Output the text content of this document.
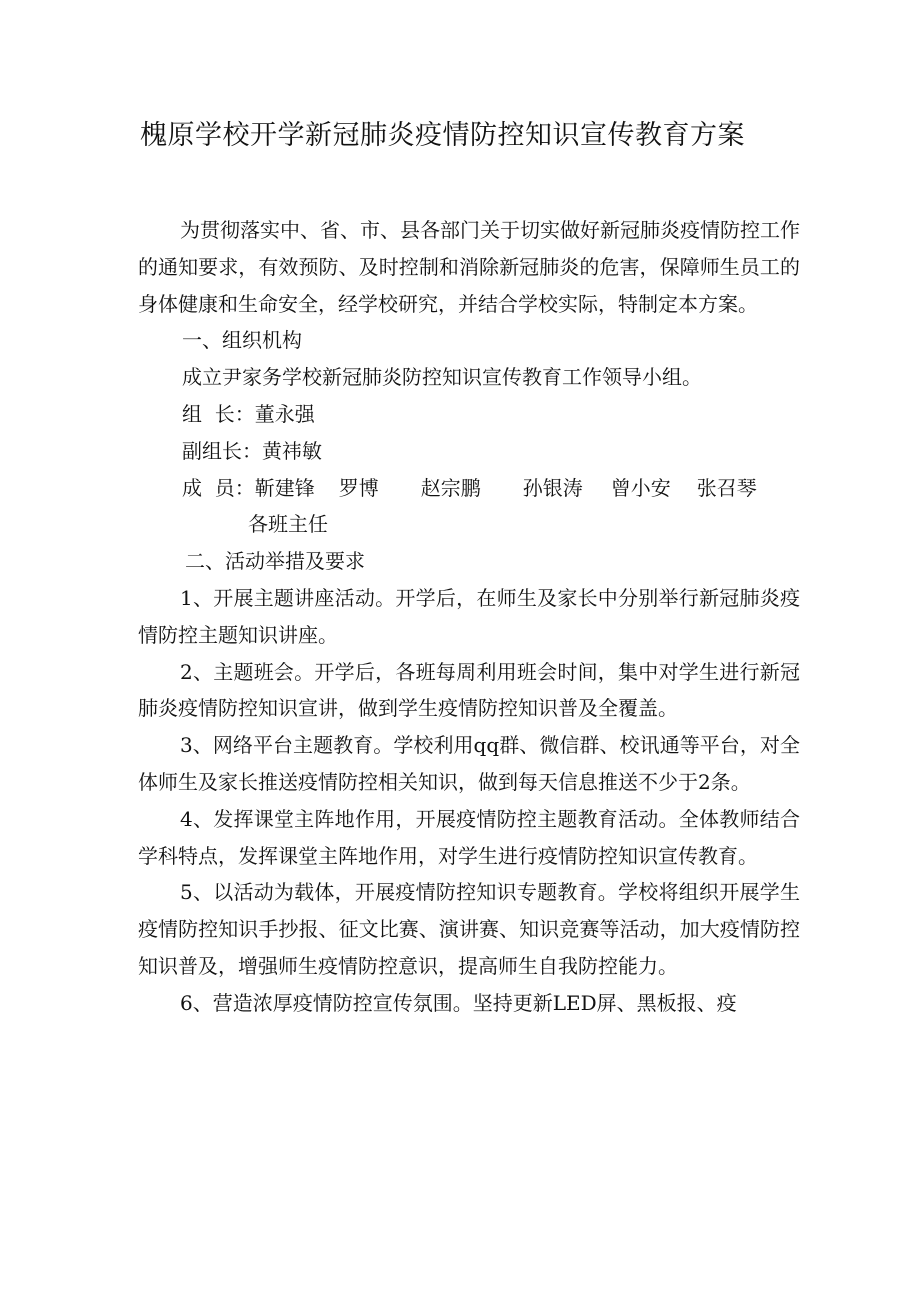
槐原学校开学新冠肺炎疫情防控知识宣传教育方案

为贯彻落实中、省、市、县各部门关于切实做好新冠肺炎疫情防控工作的通知要求，有效预防、及时控制和消除新冠肺炎的危害，保障师生员工的身体健康和生命安全，经学校研究，并结合学校实际，特制定本方案。

一、组织机构

成立尹家务学校新冠肺炎防控知识宣传教育工作领导小组。

组  长：董永强

副组长：黄祎敏

成  员：靳建锋 罗博 赵宗鹏 孙银涛 曾小安 张召琴

各班主任

二、活动举措及要求

1、开展主题讲座活动。开学后，在师生及家长中分别举行新冠肺炎疫情防控主题知识讲座。

2、主题班会。开学后，各班每周利用班会时间，集中对学生进行新冠肺炎疫情防控知识宣讲，做到学生疫情防控知识普及全覆盖。

3、网络平台主题教育。学校利用qq群、微信群、校讯通等平台，对全体师生及家长推送疫情防控相关知识，做到每天信息推送不少于2条。

4、发挥课堂主阵地作用，开展疫情防控主题教育活动。全体教师结合学科特点，发挥课堂主阵地作用，对学生进行疫情防控知识宣传教育。

5、以活动为载体，开展疫情防控知识专题教育。学校将组织开展学生疫情防控知识手抄报、征文比赛、演讲赛、知识竞赛等活动，加大疫情防控知识普及，增强师生疫情防控意识，提高师生自我防控能力。

6、营造浓厚疫情防控宣传氛围。坚持更新LED屏、黑板报、疫
